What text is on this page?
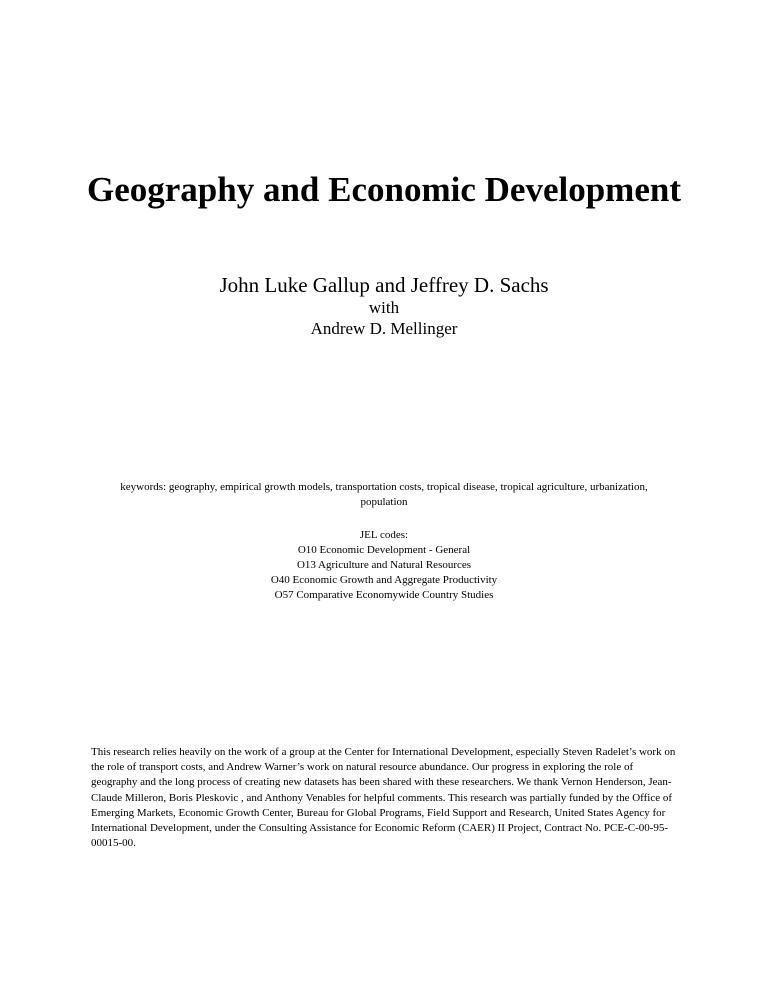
Geography and Economic Development
John Luke Gallup and Jeffrey D. Sachs
with
Andrew D. Mellinger
keywords: geography, empirical growth models, transportation costs, tropical disease, tropical agriculture, urbanization, population
JEL codes:
O10 Economic Development - General
O13 Agriculture and Natural Resources
O40 Economic Growth and Aggregate Productivity
O57 Comparative Economywide Country Studies

This research relies heavily on the work of a group at the Center for International Development, especially Steven Radelet’s work on the role of transport costs, and Andrew Warner’s work on natural resource abundance. Our progress in exploring the role of geography and the long process of creating new datasets has been shared with these researchers. We thank Vernon Henderson, Jean-Claude Milleron, Boris Pleskovic , and Anthony Venables for helpful comments. This research was partially funded by the Office of Emerging Markets, Economic Growth Center, Bureau for Global Programs, Field Support and Research, United States Agency for International Development, under the Consulting Assistance for Economic Reform (CAER) II Project, Contract No. PCE-C-00-95-00015-00.
